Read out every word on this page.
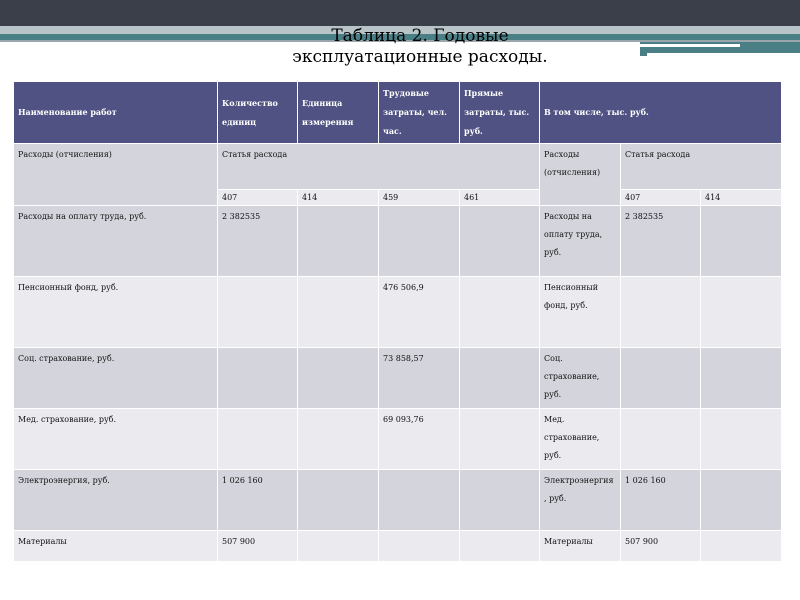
Таблица 2. Годовые
эксплуатационные расходы.
Наименование работ	Количество единиц	Единица измерения	Трудовые затраты, чел. час.	Прямые затраты, тыс. руб.	В том числе, тыс. руб.		
Расходы (отчисления)	Статья расхода				Расходы (отчисления)	Статья расхода	
	407	414	459	461		407	414
Расходы на оплату труда, руб.	2 382535				Расходы на оплату труда, руб.	2 382535	
Пенсионный фонд, руб.			476 506,9		Пенсионный фонд, руб.		
Соц. страхование, руб.			73 858,57		Соц. страхование, руб.		
Мед. страхование, руб.			69 093,76		Мед. страхование, руб.		
Электроэнергия, руб.	1 026 160				Электроэнергия, руб.	1 026 160	
Материалы	507 900				Материалы	507 900	
